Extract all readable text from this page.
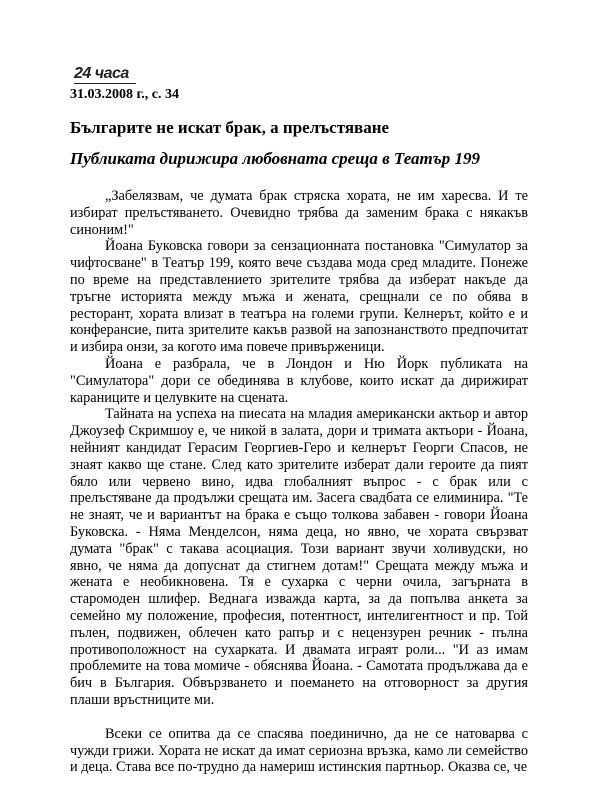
24 часа
31.03.2008 г., с. 34
Българите не искат брак, а прелъстяване
Публиката дирижира любовната среща в Театър 199

„Забелязвам, че думата брак стряска хората, не им харесва. И те избират прелъстяването. Очевидно трябва да заменим брака с някакъв синоним!"

Йоана Буковска говори за сензационната постановка "Симулатор за чифтосване" в Театър 199, която вече създава мода сред младите. Понеже по време на представлението зрителите трябва да изберат накъде да тръгне историята между мъжа и жената, срещнали се по обява в ресторант, хората влизат в театъра на големи групи. Келнерът, който е и конферансие, пита зрителите какъв развой на запознанството предпочитат и избира онзи, за когото има повече привърженици.

Йоана е разбрала, че в Лондон и Ню Йорк публиката на "Симулатора" дори се обединява в клубове, които искат да дирижират караниците и целувките на сцената.

Тайната на успеха на пиесата на младия американски актьор и автор Джоузеф Скримшоу е, че никой в залата, дори и тримата актьори - Йоана, нейният кандидат Герасим Георгиев-Геро и келнерът Георги Спасов, не знаят какво ще стане. След като зрителите изберат дали героите да пият бяло или червено вино, идва глобалният въпрос - с брак или с прелъстяване да продължи срещата им. Засега свадбата се елиминира. "Те не знаят, че и вариантът на брака е също толкова забавен - говори Йоана Буковска. - Няма Менделсон, няма деца, но явно, че хората свързват думата "брак" с такава асоциация. Този вариант звучи холивудски, но явно, че няма да допуснат да стигнем дотам!" Срещата между мъжа и жената е необикновена. Тя е сухарка с черни очила, загърната в старомоден шлифер. Веднага изважда карта, за да попълва анкета за семейно му положение, професия, потентност, интелигентност и пр. Той пълен, подвижен, облечен като рапър и с нецензурен речник - пълна противоположност на сухарката. И двамата играят роли... "И аз имам проблемите на това момиче - обяснява Йоана. - Самотата продължава да е бич в България. Обвързването и поемането на отговорност за другия плаши връстниците ми.

Всеки се опитва да се спасява поединично, да не се натоварва с чужди грижи. Хората не искат да имат сериозна връзка, камо ли семейство и деца. Става все по-трудно да намериш истинския партньор. Оказва се, че
